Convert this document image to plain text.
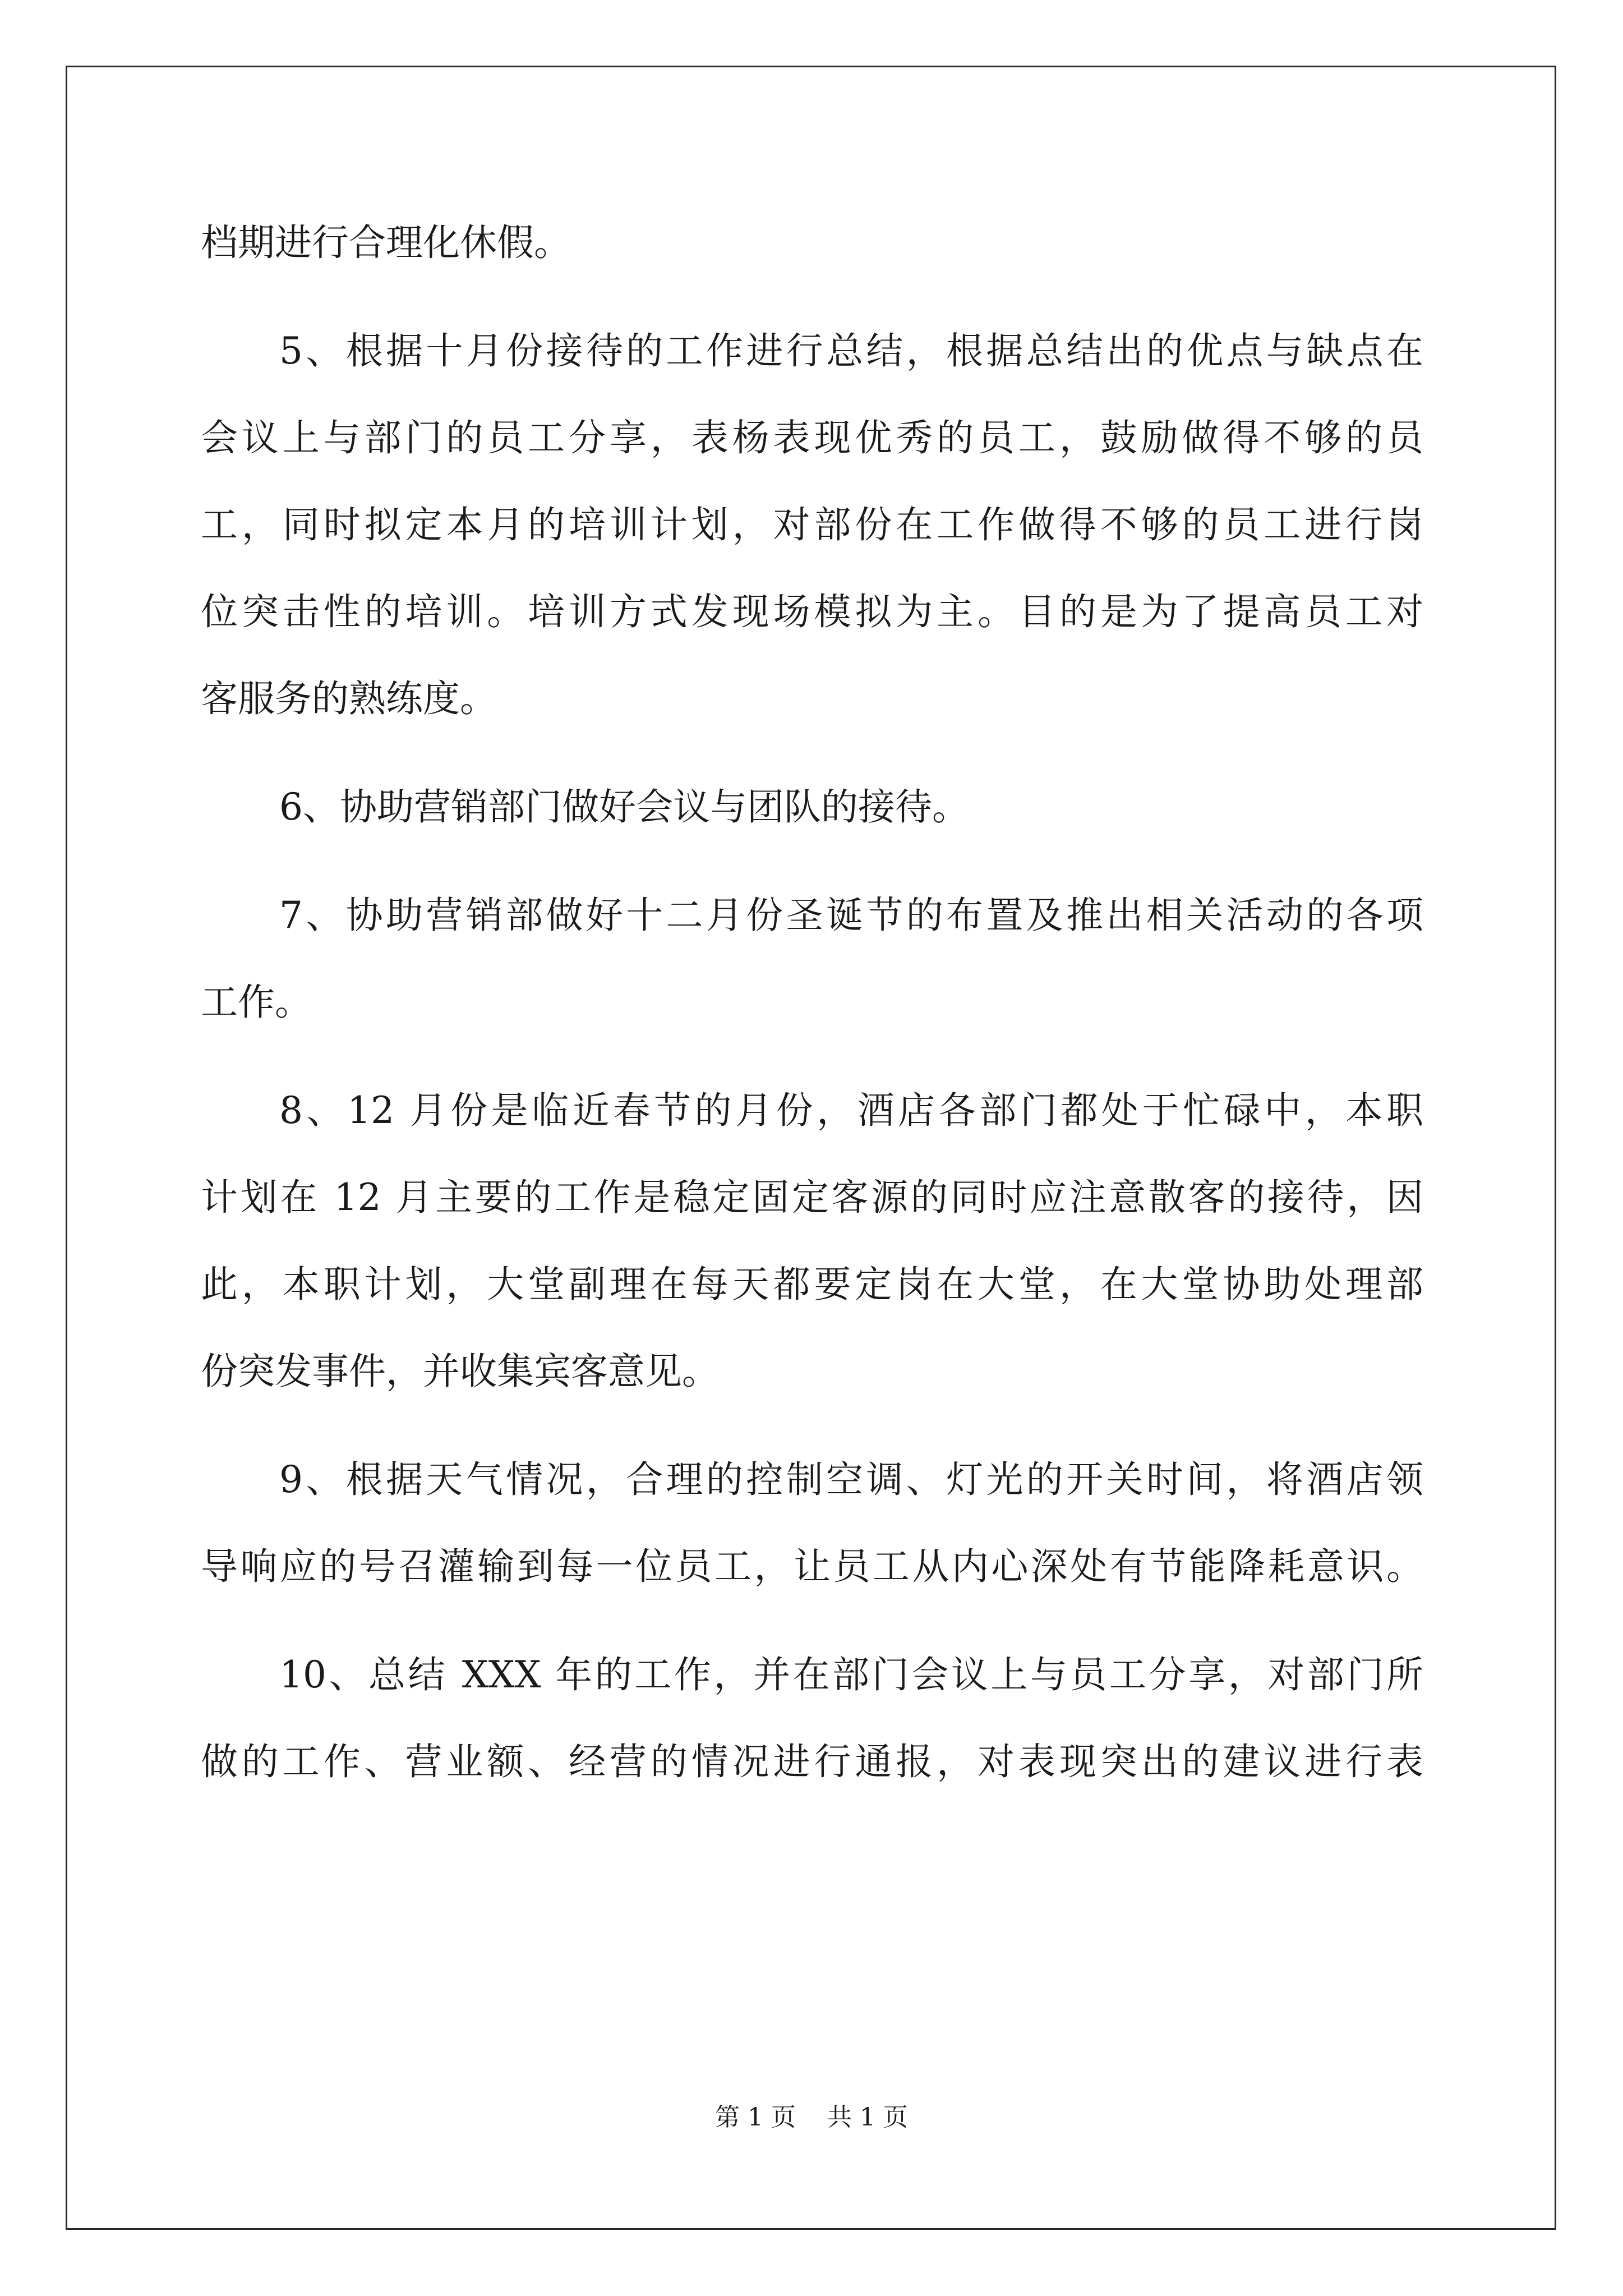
档期进行合理化休假。
5、根据十月份接待的工作进行总结，根据总结出的优点与缺点在
会议上与部门的员工分享，表杨表现优秀的员工，鼓励做得不够的员
工，同时拟定本月的培训计划，对部份在工作做得不够的员工进行岗
位突击性的培训。培训方式发现场模拟为主。目的是为了提高员工对
客服务的熟练度。
6、协助营销部门做好会议与团队的接待。
7、协助营销部做好十二月份圣诞节的布置及推出相关活动的各项
工作。
8、12 月份是临近春节的月份，酒店各部门都处于忙碌中，本职
计划在 12 月主要的工作是稳定固定客源的同时应注意散客的接待，因
此，本职计划，大堂副理在每天都要定岗在大堂，在大堂协助处理部
份突发事件，并收集宾客意见。
9、根据天气情况，合理的控制空调、灯光的开关时间，将酒店领
导响应的号召灌输到每一位员工，让员工从内心深处有节能降耗意识。
10、总结 XXX 年的工作，并在部门会议上与员工分享，对部门所
做的工作、营业额、经营的情况进行通报，对表现突出的建议进行表
第 1 页    共 1 页
